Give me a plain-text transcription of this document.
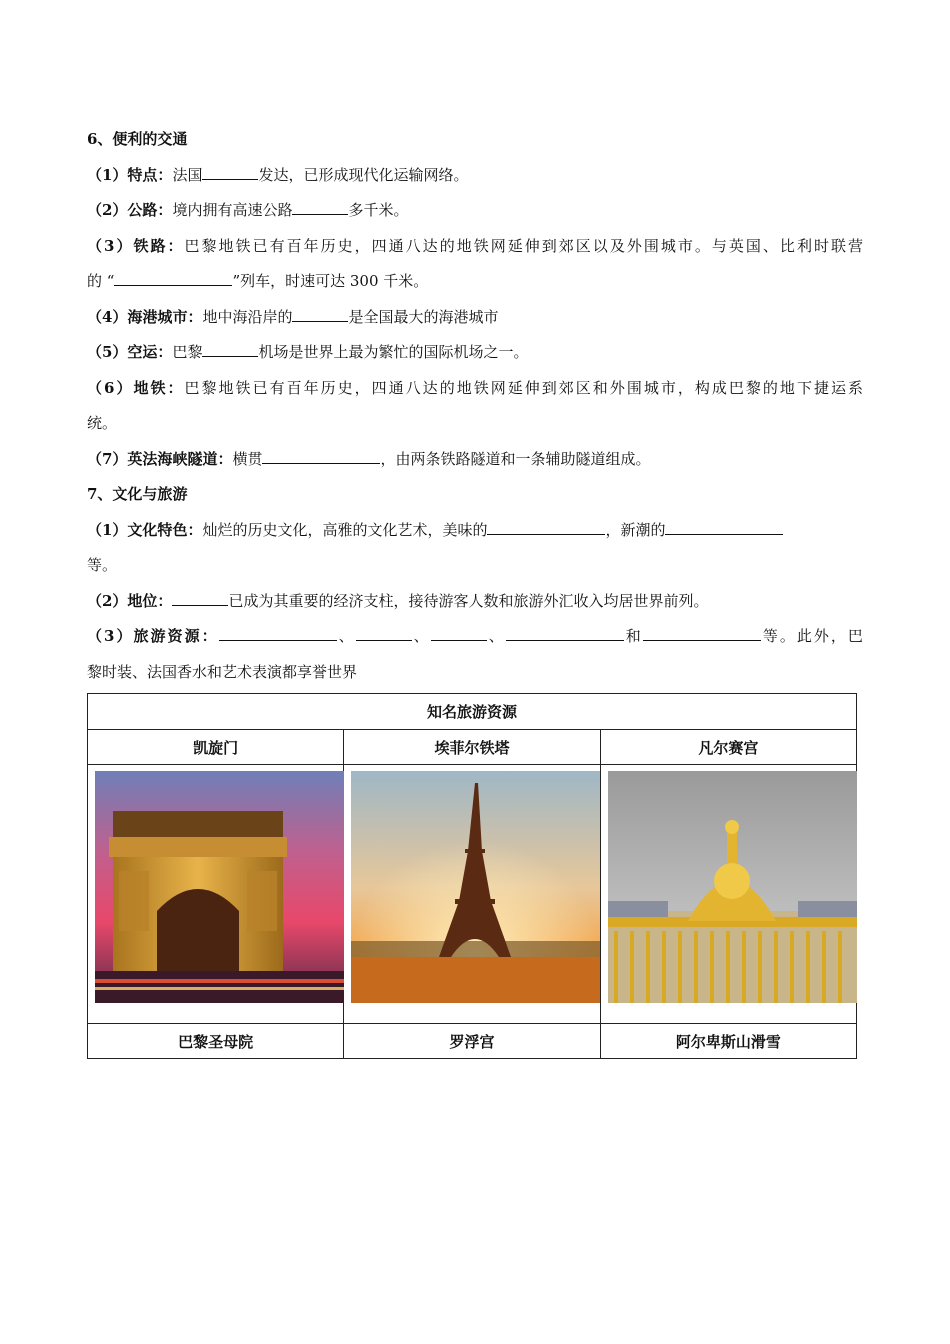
6、便利的交通
（1）特点：法国	发达，已形成现代化运输网络。
（2）公路：境内拥有高速公路	多千米。
（3）铁路：巴黎地铁已有百年历史，四通八达的地铁网延伸到郊区以及外围城市。与英国、比利时联营
的 “	”列车，时速可达 300 千米。
（4）海港城市：地中海沿岸的	是全国最大的海港城市
（5）空运：巴黎	机场是世界上最为繁忙的国际机场之一。
（6）地铁：巴黎地铁已有百年历史，四通八达的地铁网延伸到郊区和外围城市，构成巴黎的地下捷运系
统。
（7）英法海峡隧道：横贯	，由两条铁路隧道和一条辅助隧道组成。
7、文化与旅游
（1）文化特色：灿烂的历史文化，高雅的文化艺术，美味的	，新潮的
等。
（2）地位：	已成为其重要的经济支柱，接待游客人数和旅游外汇收入均居世界前列。
（3）旅游资源：	、	、	、	和	等。此外，巴
黎时装、法国香水和艺术表演都享誉世界
知名旅游资源		
凯旋门	埃菲尔铁塔	凡尔赛宫

巴黎圣母院	罗浮宫	阿尔卑斯山滑雪
